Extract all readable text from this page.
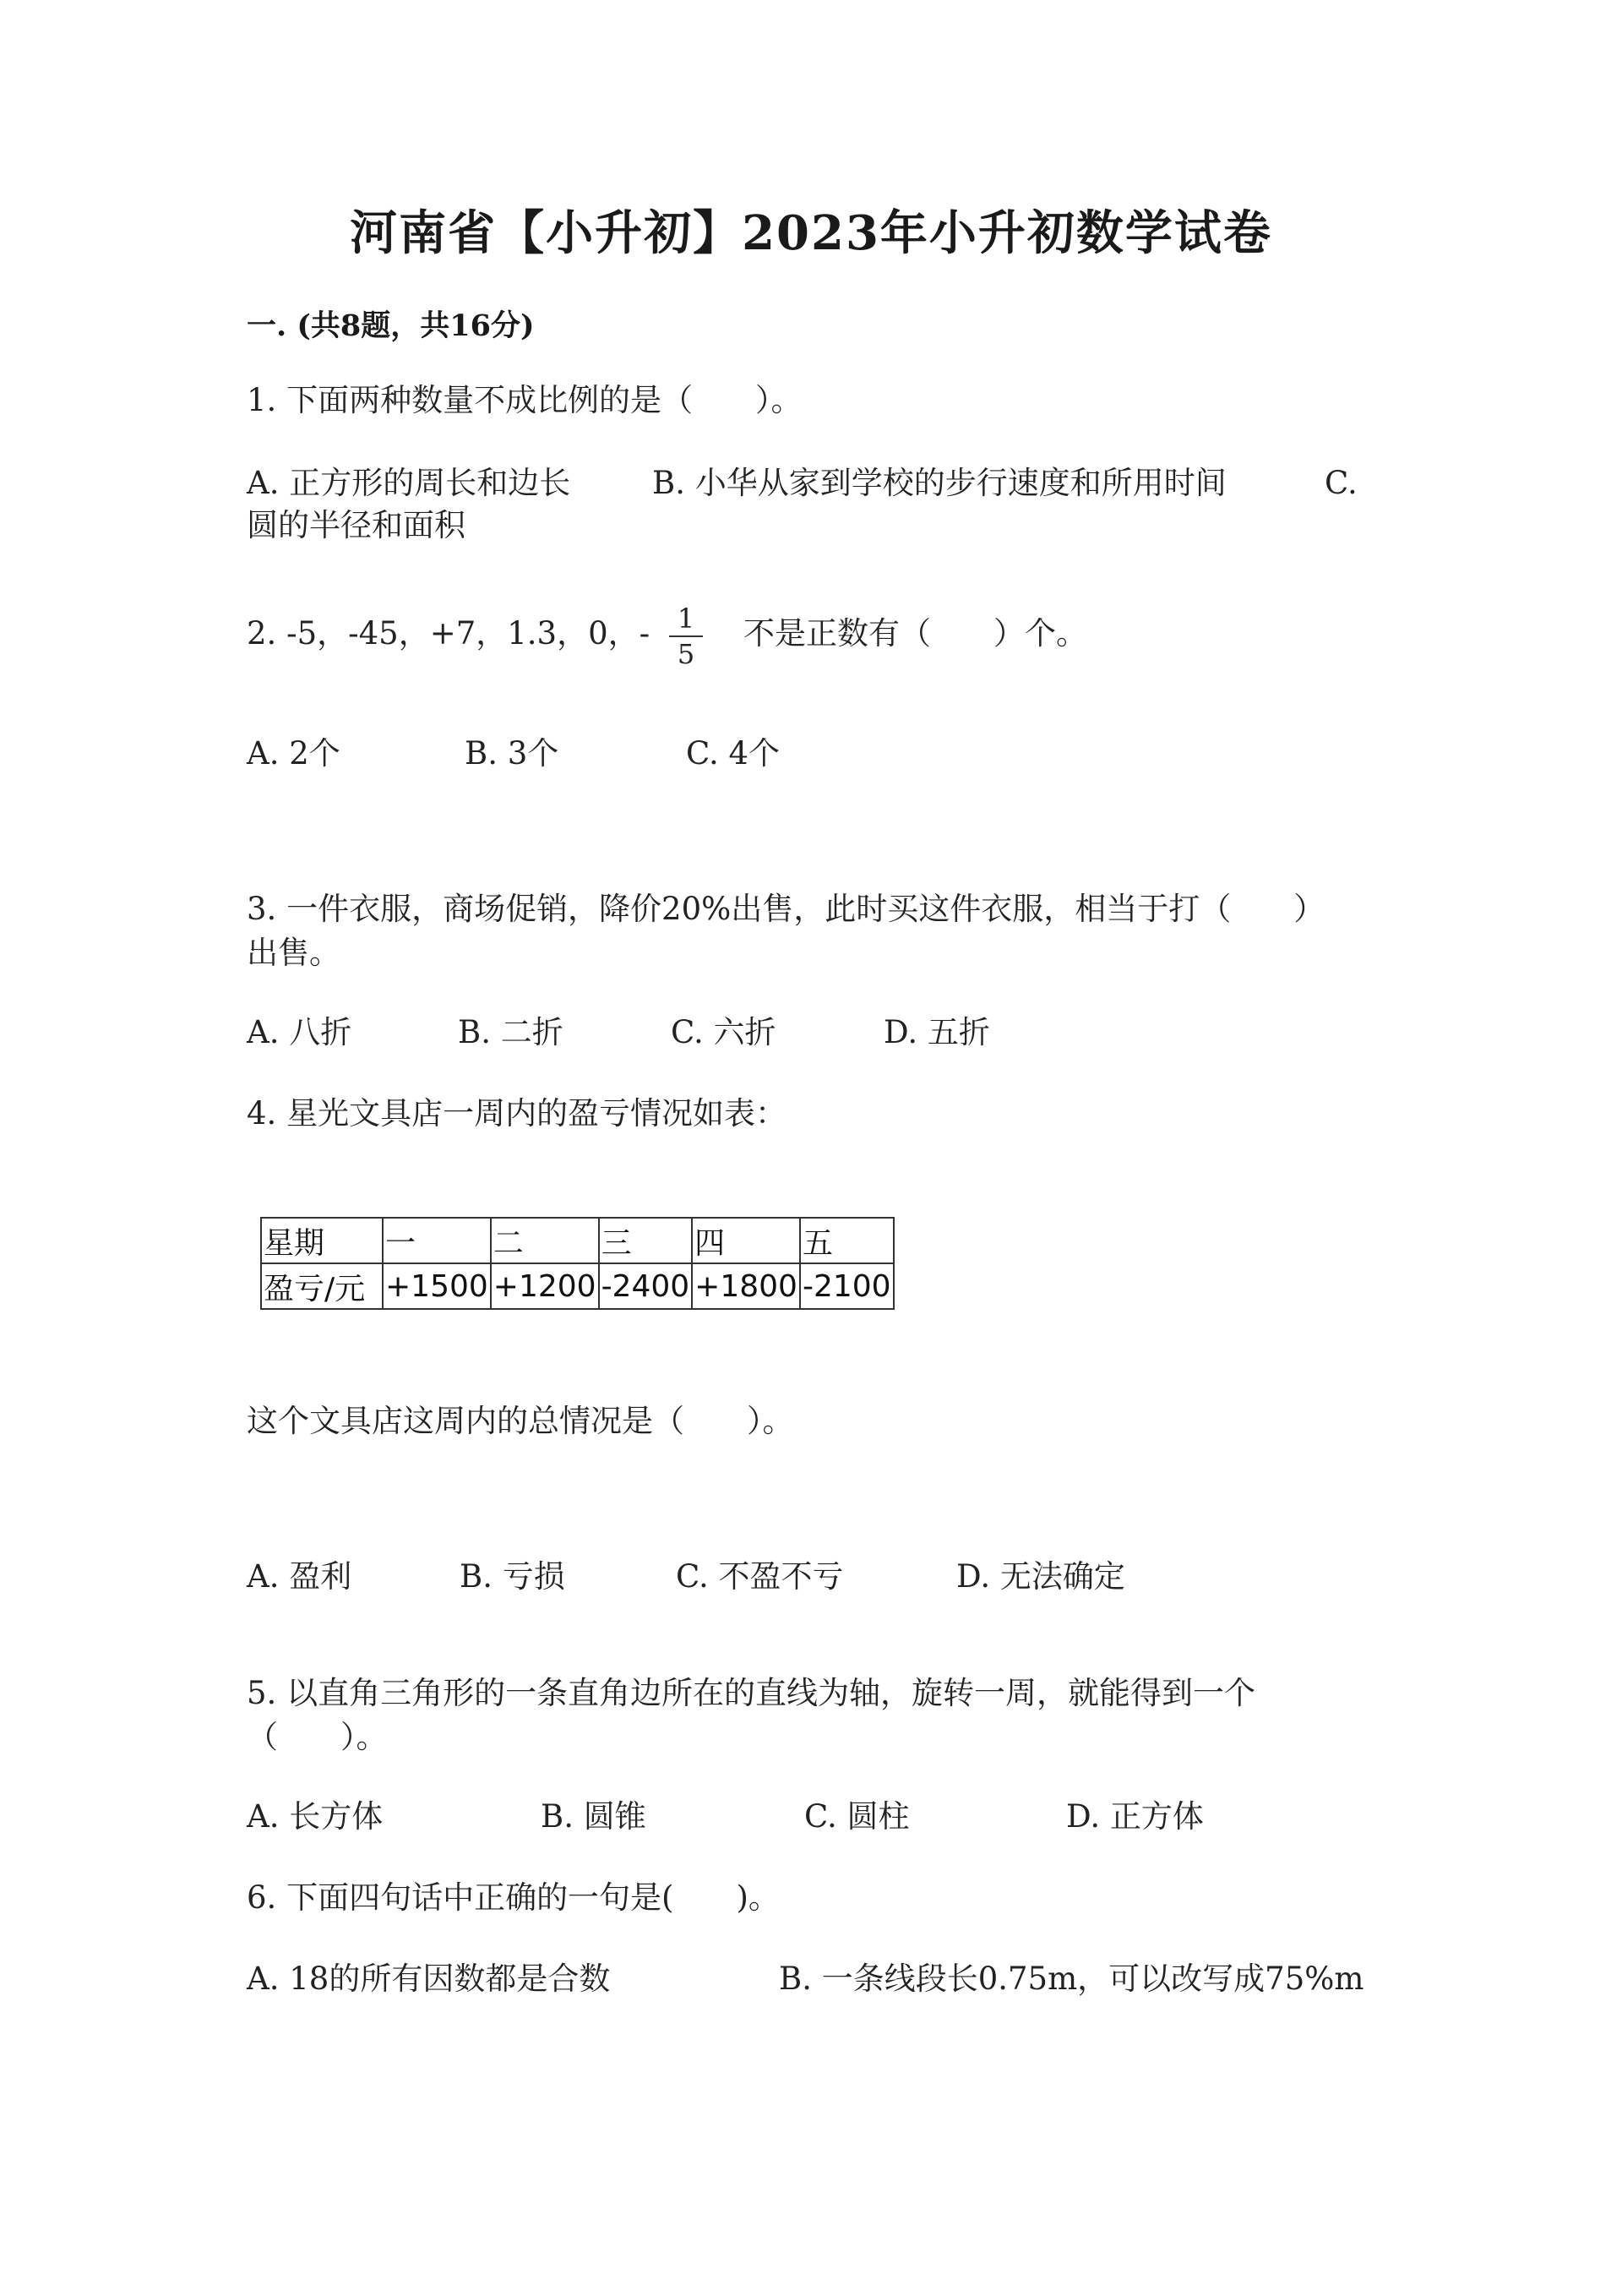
河南省【小升初】2023年小升初数学试卷
一. (共8题，共16分)
1. 下面两种数量不成比例的是（　　）。
A. 正方形的周长和边长	B. 小华从家到学校的步行速度和所用时间	C.
圆的半径和面积
2. -5，-45，+7，1.3，0，- $\frac{1}{5}$ 不是正数有（　　）个。
A. 2个	B. 3个	C. 4个
3. 一件衣服，商场促销，降价20%出售，此时买这件衣服，相当于打（　　）
出售。
A. 八折	B. 二折	C. 六折	D. 五折
4. 星光文具店一周内的盈亏情况如表：
星期	一	二	三	四	五
盈亏/元	+1500	+1200	-2400	+1800	-2100
这个文具店这周内的总情况是（　　）。
A. 盈利	B. 亏损	C. 不盈不亏	D. 无法确定
5. 以直角三角形的一条直角边所在的直线为轴，旋转一周，就能得到一个
（　　）。
A. 长方体	B. 圆锥	C. 圆柱	D. 正方体
6. 下面四句话中正确的一句是(　　)。
A. 18的所有因数都是合数	B. 一条线段长0.75m，可以改写成75%m
